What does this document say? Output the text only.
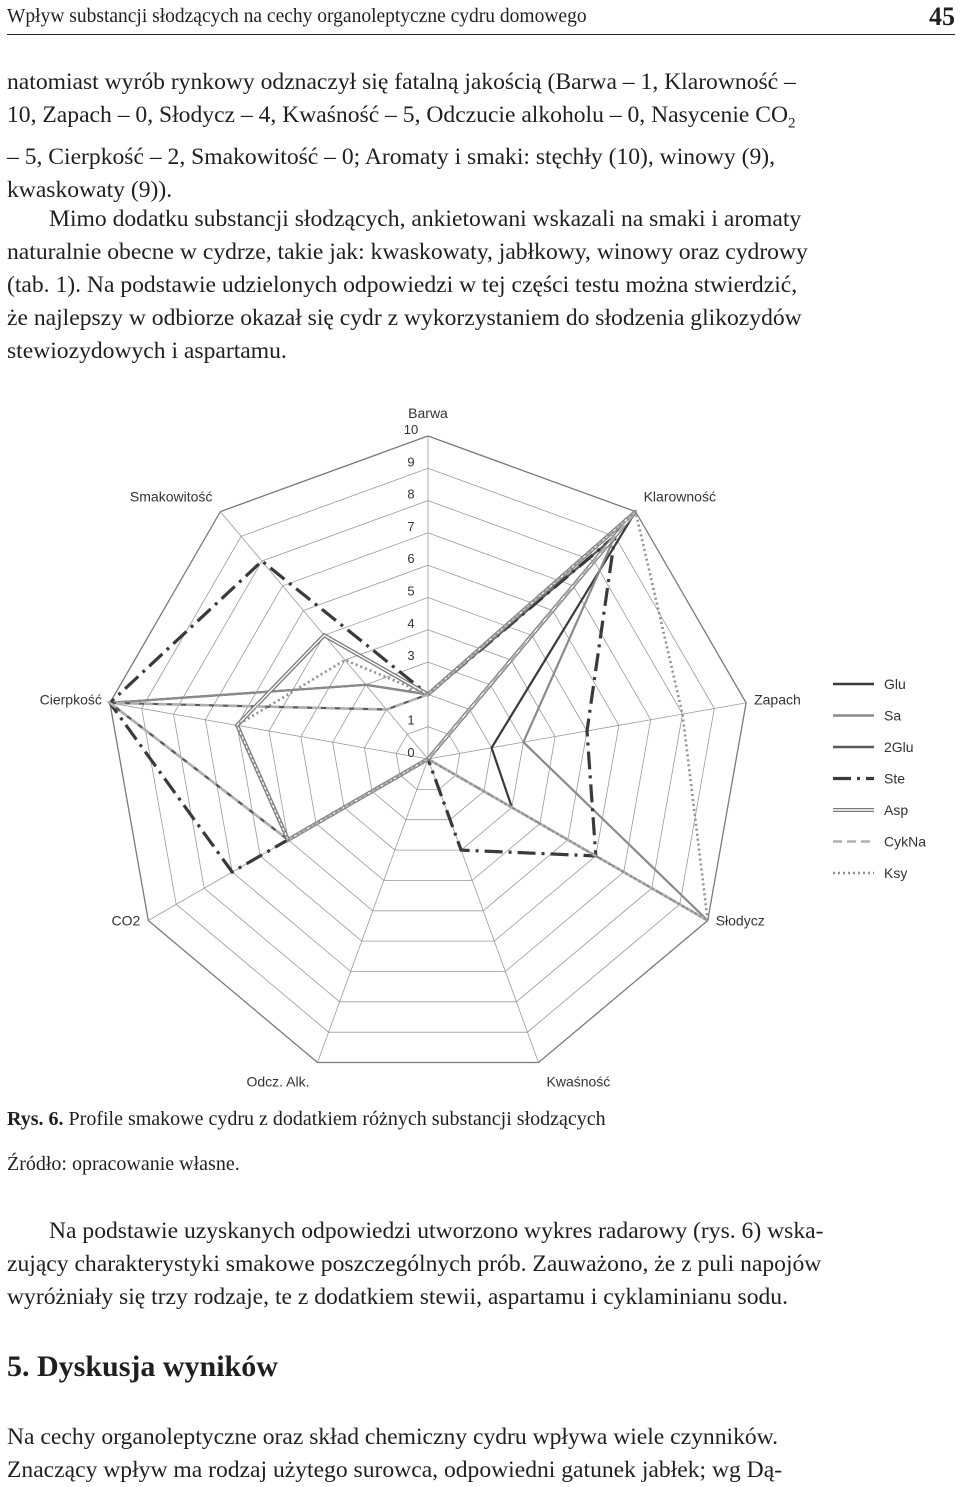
Wpływ substancji słodzących na cechy organoleptyczne cydru domowego	45
natomiast wyrób rynkowy odznaczył się fatalną jakością (Barwa – 1, Klarowność –
10, Zapach – 0, Słodycz – 4, Kwaśność – 5, Odczucie alkoholu – 0, Nasycenie $CO_2$
– 5, Cierpkość – 2, Smakowitość – 0; Aromaty i smaki: stęchły (10), winowy (9),
kwaskowaty (9)).
Mimo dodatku substancji słodzących, ankietowani wskazali na smaki i aromaty
naturalnie obecne w cydrze, takie jak: kwaskowaty, jabłkowy, winowy oraz cydrowy
(tab. 1). Na podstawie udzielonych odpowiedzi w tej części testu można stwierdzić,
że najlepszy w odbiorze okazał się cydr z wykorzystaniem do słodzenia glikozydów
stewiozydowych i aspartamu.
0
1
2
3
4
5
6
7
8
9
10
Barwa
Klarowność
Zapach
Słodycz
Kwaśność
Odcz. Alk.
CO2
Cierpkość
Smakowitość
Glu
Sa
2Glu
Ste
Asp
CykNa
Ksy
Rys. 6. Profile smakowe cydru z dodatkiem różnych substancji słodzących
Źródło: opracowanie własne.
Na podstawie uzyskanych odpowiedzi utworzono wykres radarowy (rys. 6) wska-
zujący charakterystyki smakowe poszczególnych prób. Zauważono, że z puli napojów
wyróżniały się trzy rodzaje, te z dodatkiem stewii, aspartamu i cyklaminianu sodu.
5. Dyskusja wyników
Na cechy organoleptyczne oraz skład chemiczny cydru wpływa wiele czynników.
Znaczący wpływ ma rodzaj użytego surowca, odpowiedni gatunek jabłek; wg Dą-
